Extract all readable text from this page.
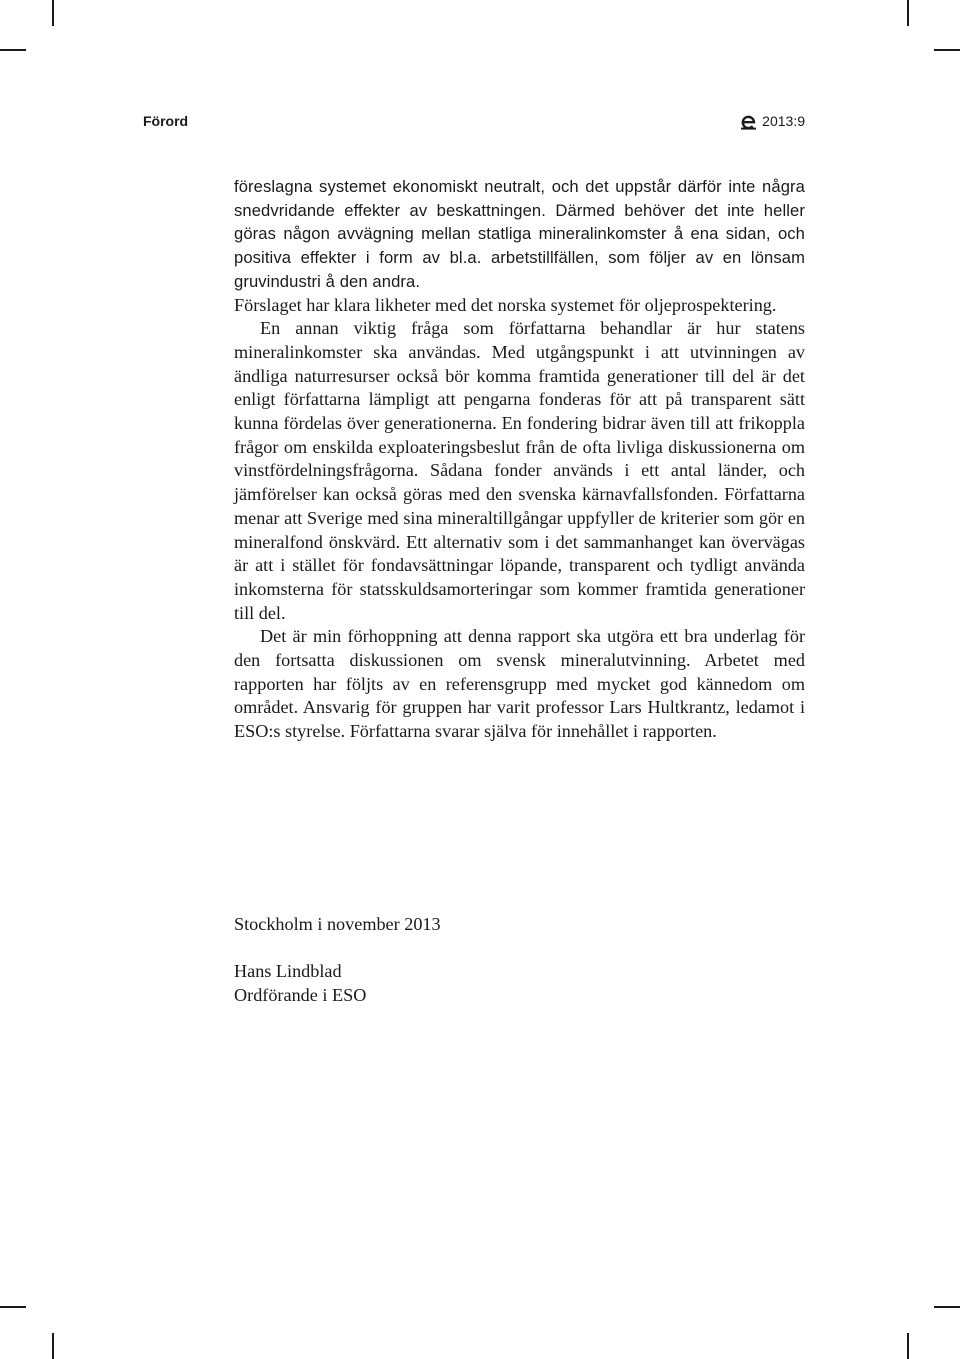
Förord	2013:9

föreslagna systemet ekonomiskt neutralt, och det uppstår därför inte några snedvridande effekter av beskattningen. Därmed behöver det inte heller göras någon avvägning mellan statliga mineralinkomster å ena sidan, och positiva effekter i form av bl.a. arbetstillfällen, som följer av en lönsam gruvindustri å den andra.

Förslaget har klara likheter med det norska systemet för oljeprospektering.

En annan viktig fråga som författarna behandlar är hur statens mineralinkomster ska användas. Med utgångspunkt i att utvinningen av ändliga naturresurser också bör komma framtida generationer till del är det enligt författarna lämpligt att pengarna fonderas för att på transparent sätt kunna fördelas över generationerna. En fondering bidrar även till att frikoppla frågor om enskilda exploateringsbeslut från de ofta livliga diskussionerna om vinstfördelningsfrågorna. Sådana fonder används i ett antal länder, och jämförelser kan också göras med den svenska kärnavfallsfonden. Författarna menar att Sverige med sina mineraltillgångar uppfyller de kriterier som gör en mineralfond önskvärd. Ett alternativ som i det sammanhanget kan övervägas är att i stället för fondavsättningar löpande, transparent och tydligt använda inkomsterna för statsskuldsamorteringar som kommer framtida generationer till del.

Det är min förhoppning att denna rapport ska utgöra ett bra underlag för den fortsatta diskussionen om svensk mineralutvinning. Arbetet med rapporten har följts av en referensgrupp med mycket god kännedom om området. Ansvarig för gruppen har varit professor Lars Hultkrantz, ledamot i ESO:s styrelse. Författarna svarar själva för innehållet i rapporten.

Stockholm i november 2013

Hans Lindblad

Ordförande i ESO
